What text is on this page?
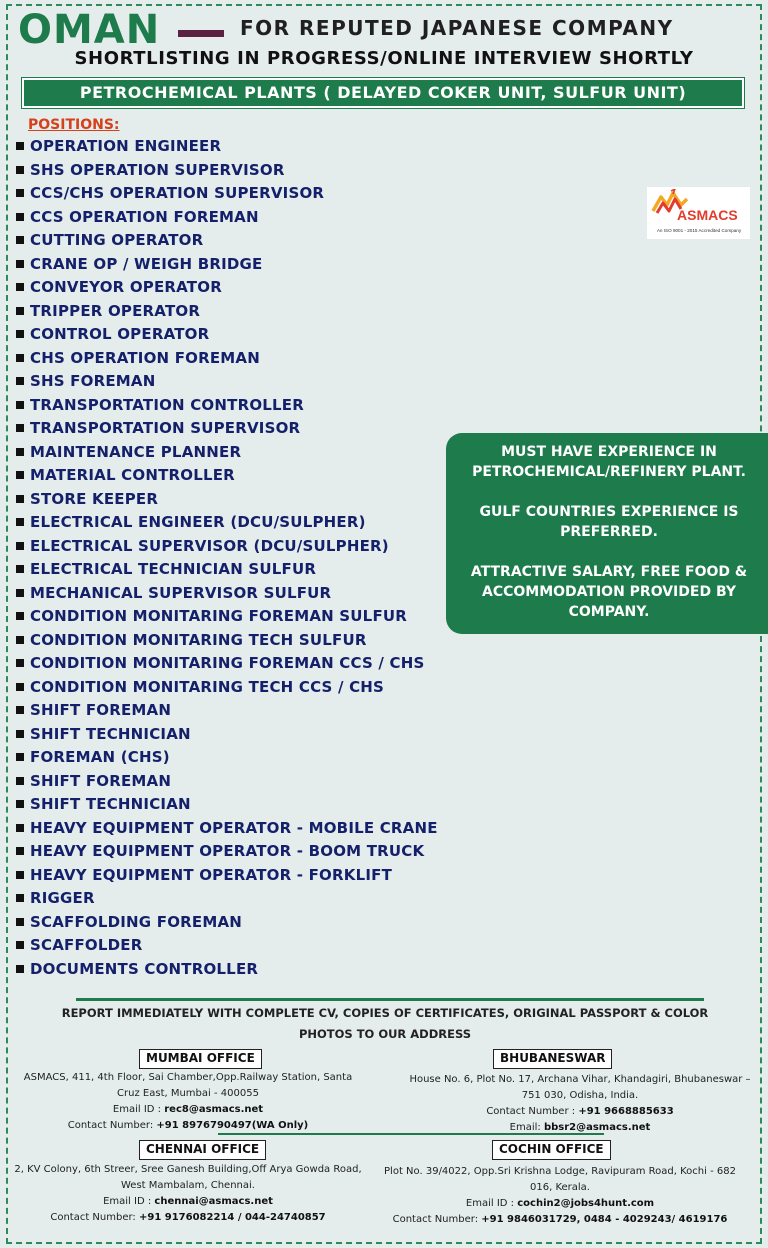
OMAN	FOR REPUTED JAPANESE COMPANY
SHORTLISTING IN PROGRESS/ONLINE INTERVIEW SHORTLY
PETROCHEMICAL PLANTS ( DELAYED COKER UNIT, SULFUR UNIT)
POSITIONS:
OPERATION ENGINEER
SHS OPERATION SUPERVISOR
CCS/CHS OPERATION SUPERVISOR
CCS OPERATION FOREMAN
CUTTING OPERATOR
CRANE OP / WEIGH BRIDGE
CONVEYOR OPERATOR
TRIPPER OPERATOR
CONTROL OPERATOR
CHS OPERATION FOREMAN
SHS FOREMAN
TRANSPORTATION CONTROLLER
TRANSPORTATION SUPERVISOR
MAINTENANCE PLANNER
MATERIAL CONTROLLER
STORE KEEPER
ELECTRICAL ENGINEER (DCU/SULPHER)
ELECTRICAL SUPERVISOR (DCU/SULPHER)
ELECTRICAL TECHNICIAN SULFUR
MECHANICAL SUPERVISOR SULFUR
CONDITION MONITARING FOREMAN SULFUR
CONDITION MONITARING TECH SULFUR
CONDITION MONITARING FOREMAN CCS / CHS
CONDITION MONITARING TECH CCS / CHS
SHIFT FOREMAN
SHIFT TECHNICIAN
FOREMAN (CHS)
SHIFT FOREMAN
SHIFT TECHNICIAN
HEAVY EQUIPMENT OPERATOR - MOBILE CRANE
HEAVY EQUIPMENT OPERATOR - BOOM TRUCK
HEAVY EQUIPMENT OPERATOR - FORKLIFT
RIGGER
SCAFFOLDING FOREMAN
SCAFFOLDER
DOCUMENTS CONTROLLER
ASMACS
An ISO 9001 - 2015 Accredited Company

MUST HAVE EXPERIENCE IN PETROCHEMICAL/REFINERY PLANT.

GULF COUNTRIES EXPERIENCE IS PREFERRED.

ATTRACTIVE SALARY, FREE FOOD & ACCOMMODATION PROVIDED BY COMPANY.

REPORT IMMEDIATELY WITH COMPLETE CV, COPIES OF CERTIFICATES, ORIGINAL PASSPORT & COLOR PHOTOS TO OUR ADDRESS
MUMBAI OFFICE
ASMACS, 411, 4th Floor, Sai Chamber,Opp.Railway Station, Santa Cruz East, Mumbai - 400055
Email ID : rec8@asmacs.net
Contact Number: +91 8976790497(WA Only)
BHUBANESWAR
House No. 6, Plot No. 17, Archana Vihar, Khandagiri, Bhubaneswar – 751 030, Odisha, India.
Contact Number : +91 9668885633
Email: bbsr2@asmacs.net
CHENNAI OFFICE
2, KV Colony, 6th Streer, Sree Ganesh Building,Off Arya Gowda Road, West Mambalam, Chennai.
Email ID : chennai@asmacs.net
Contact Number: +91 9176082214 / 044-24740857
COCHIN OFFICE
Plot No. 39/4022, Opp.Sri Krishna Lodge, Ravipuram Road, Kochi - 682 016, Kerala.
Email ID : cochin2@jobs4hunt.com
Contact Number: +91 9846031729, 0484 - 4029243/ 4619176
